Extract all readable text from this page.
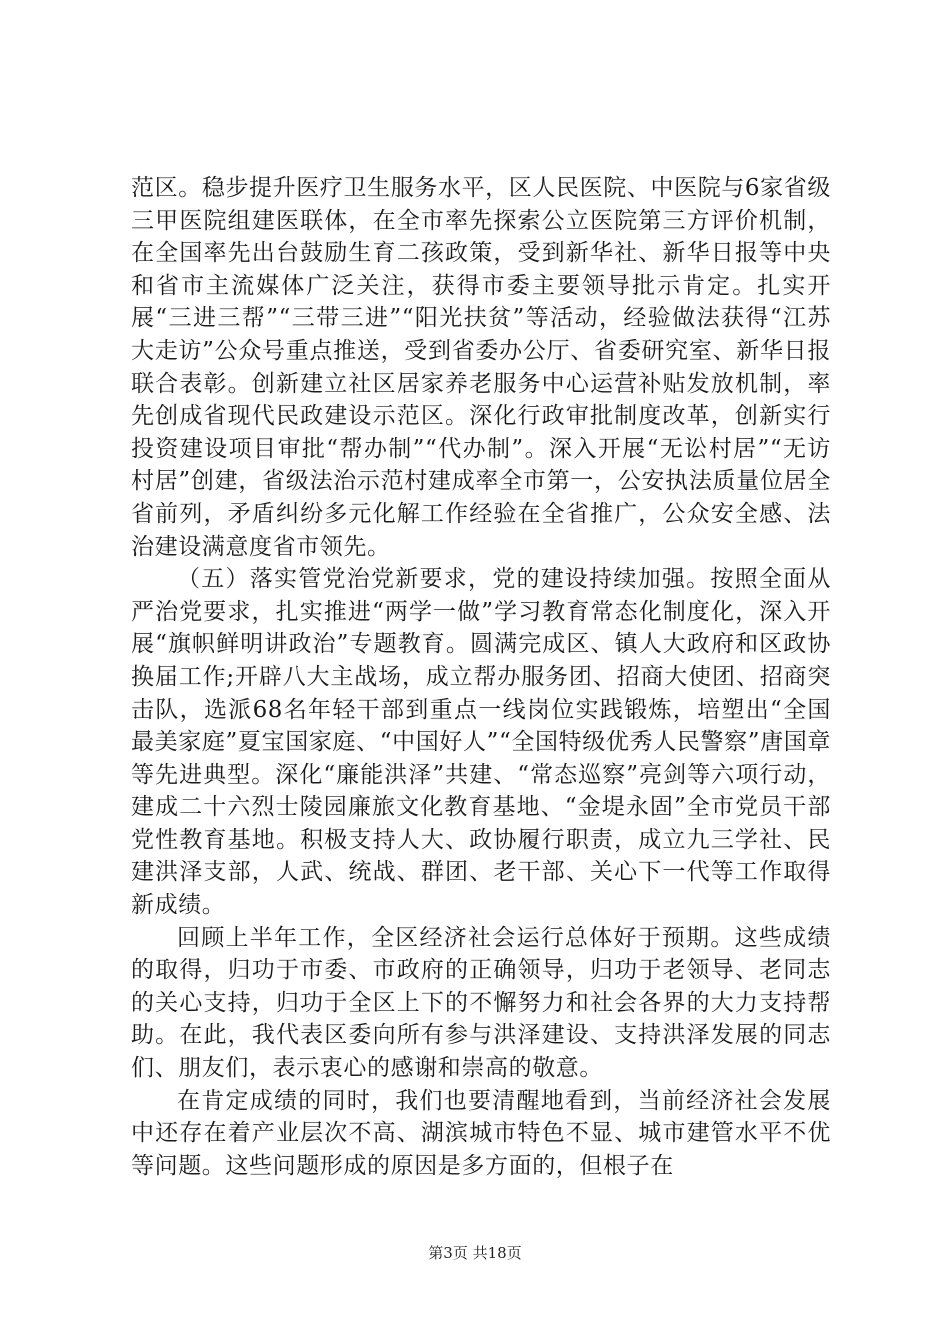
范区。稳步提升医疗卫生服务水平，区人民医院、中医院与6家省级三甲医院组建医联体，在全市率先探索公立医院第三方评价机制，在全国率先出台鼓励生育二孩政策，受到新华社、新华日报等中央和省市主流媒体广泛关注，获得市委主要领导批示肯定。扎实开展“三进三帮”“三带三进”“阳光扶贫”等活动，经验做法获得“江苏大走访”公众号重点推送，受到省委办公厅、省委研究室、新华日报联合表彰。创新建立社区居家养老服务中心运营补贴发放机制，率先创成省现代民政建设示范区。深化行政审批制度改革，创新实行投资建设项目审批“帮办制”“代办制”。深入开展“无讼村居”“无访村居”创建，省级法治示范村建成率全市第一，公安执法质量位居全省前列，矛盾纠纷多元化解工作经验在全省推广，公众安全感、法治建设满意度省市领先。

（五）落实管党治党新要求，党的建设持续加强。按照全面从严治党要求，扎实推进“两学一做”学习教育常态化制度化，深入开展“旗帜鲜明讲政治”专题教育。圆满完成区、镇人大政府和区政协换届工作;开辟八大主战场，成立帮办服务团、招商大使团、招商突击队，选派68名年轻干部到重点一线岗位实践锻炼，培塑出“全国最美家庭”夏宝国家庭、“中国好人”“全国特级优秀人民警察”唐国章等先进典型。深化“廉能洪泽”共建、“常态巡察”亮剑等六项行动，建成二十六烈士陵园廉旅文化教育基地、“金堤永固”全市党员干部党性教育基地。积极支持人大、政协履行职责，成立九三学社、民建洪泽支部，人武、统战、群团、老干部、关心下一代等工作取得新成绩。

回顾上半年工作，全区经济社会运行总体好于预期。这些成绩的取得，归功于市委、市政府的正确领导，归功于老领导、老同志的关心支持，归功于全区上下的不懈努力和社会各界的大力支持帮助。在此，我代表区委向所有参与洪泽建设、支持洪泽发展的同志们、朋友们，表示衷心的感谢和崇高的敬意。

在肯定成绩的同时，我们也要清醒地看到，当前经济社会发展中还存在着产业层次不高、湖滨城市特色不显、城市建管水平不优等问题。这些问题形成的原因是多方面的，但根子在

第3页 共18页
